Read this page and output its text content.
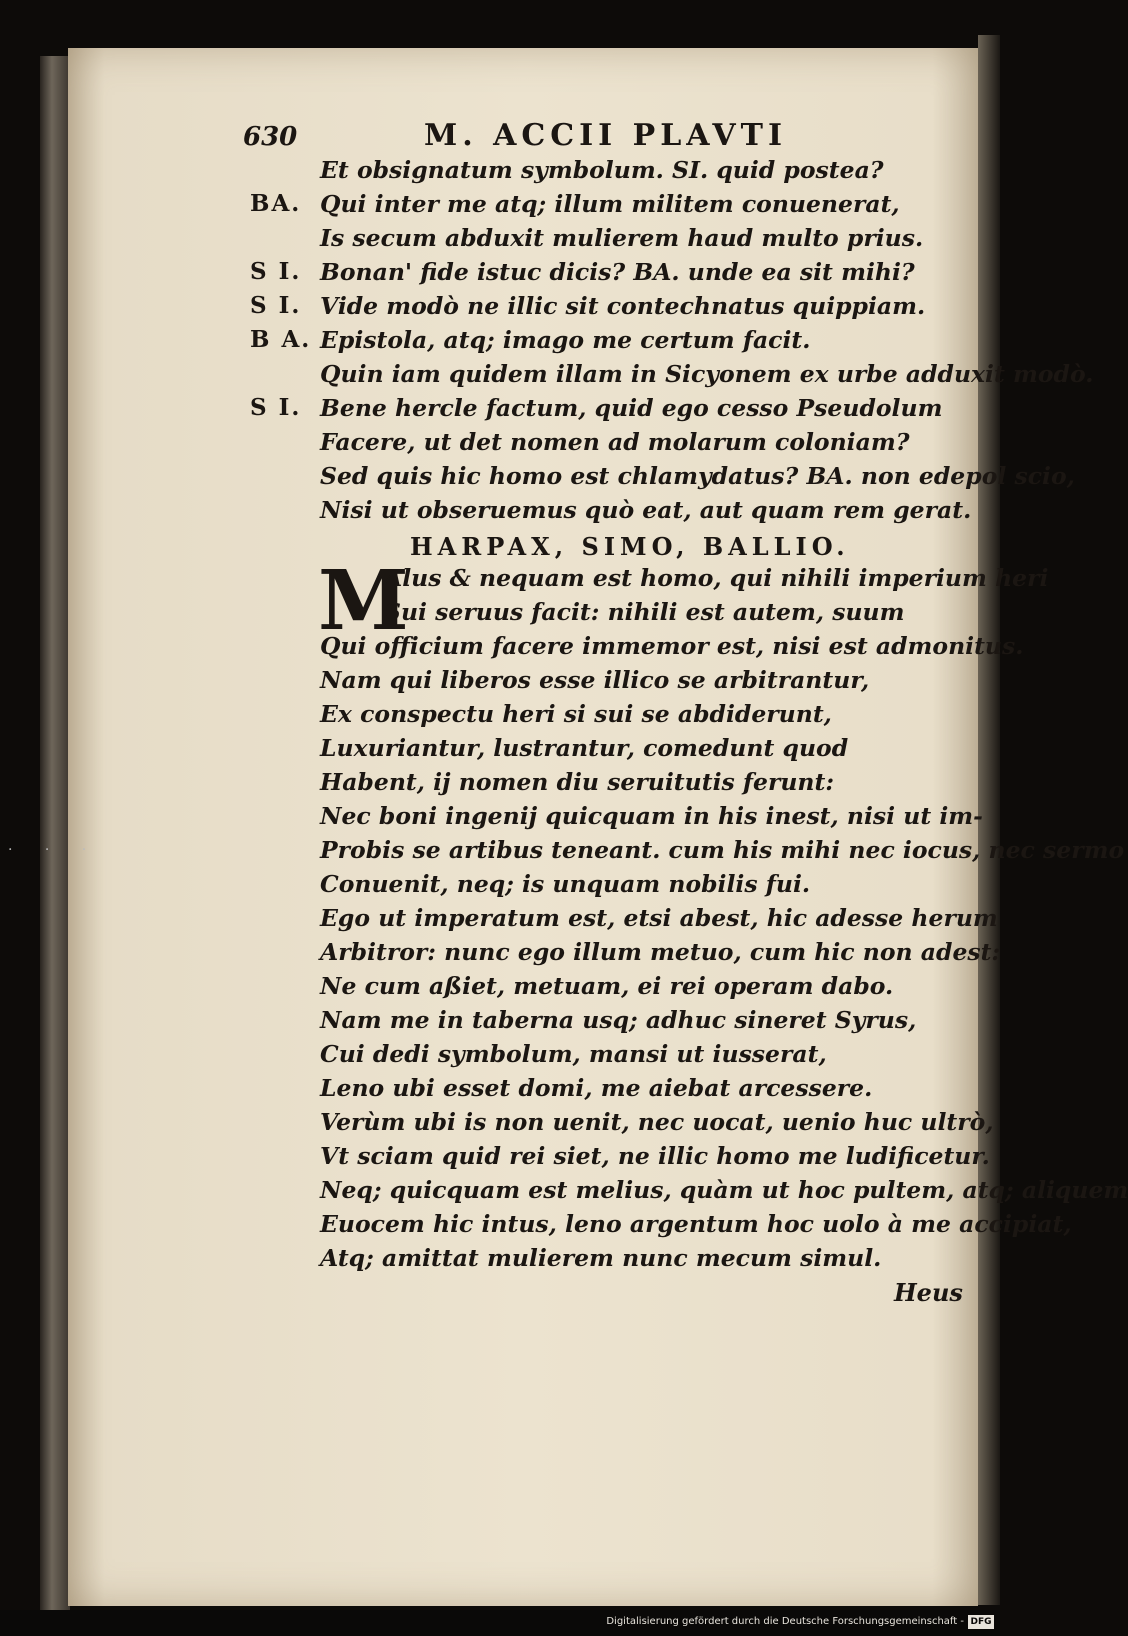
· · ·
630	M. ACCII PLAVTI
Et obsignatum symbolum. SI. quid postea?
BA. Qui inter me atq; illum militem conuenerat,
Is secum abduxit mulierem haud multo prius.
S I. Bonan' fide istuc dicis? BA. unde ea sit mihi?
S I. Vide modò ne illic sit contechnatus quippiam.
B A. Epistola, atq; imago me certum facit.
Quin iam quidem illam in Sicyonem ex urbe adduxit modò.
S I. Bene hercle factum, quid ego cesso Pseudolum
Facere, ut det nomen ad molarum coloniam?
Sed quis hic homo est chlamydatus? BA. non edepol scio,
Nisi ut obseruemus quò eat, aut quam rem gerat.
HARPAX, SIMO, BALLIO.
M
Alus & nequam est homo, qui nihili imperium heri
Sui seruus facit: nihili est autem, suum
Qui officium facere immemor est, nisi est admonitus.
Nam qui liberos esse illico se arbitrantur,
Ex conspectu heri si sui se abdiderunt,
Luxuriantur, lustrantur, comedunt quod
Habent, ij nomen diu seruitutis ferunt:
Nec boni ingenij quicquam in his inest, nisi ut im-
Probis se artibus teneant. cum his mihi nec iocus, nec sermo
Conuenit, neq; is unquam nobilis fui.
Ego ut imperatum est, etsi abest, hic adesse herum
Arbitror: nunc ego illum metuo, cum hic non adest:
Ne cum aßiet, metuam, ei rei operam dabo.
Nam me in taberna usq; adhuc sineret Syrus,
Cui dedi symbolum, mansi ut iusserat,
Leno ubi esset domi, me aiebat arcessere.
Verùm ubi is non uenit, nec uocat, uenio huc ultrò,
Vt sciam quid rei siet, ne illic homo me ludificetur.
Neq; quicquam est melius, quàm ut hoc pultem, atq; aliquem
Euocem hic intus, leno argentum hoc uolo à me accipiat,
Atq; amittat mulierem nunc mecum simul.
Heus
Digitalisierung gefördert durch die Deutsche Forschungsgemeinschaft - DFG
